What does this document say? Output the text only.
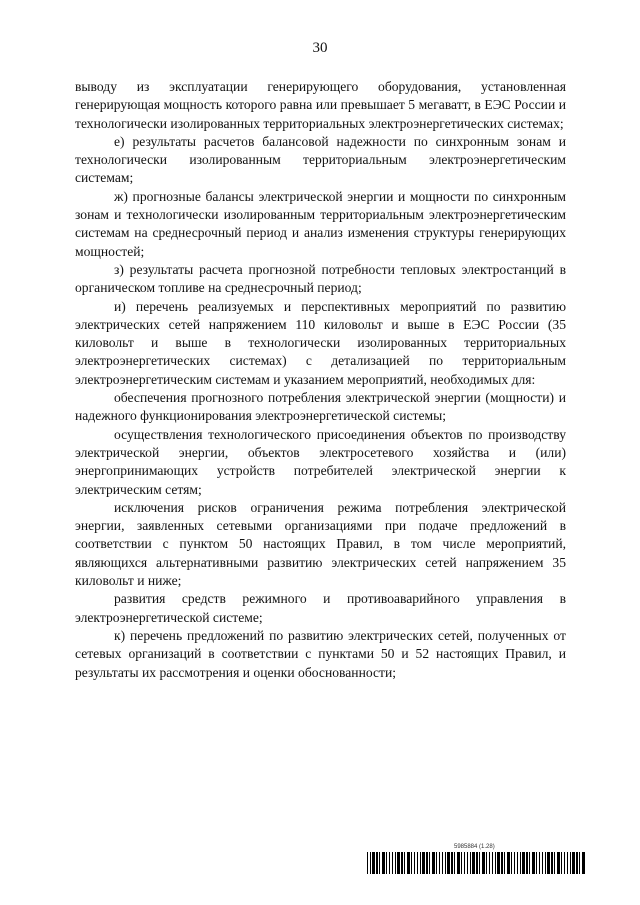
30

выводу из эксплуатации генерирующего оборудования, установленная генерирующая мощность которого равна или превышает 5 мегаватт, в ЕЭС России и технологически изолированных территориальных электроэнергетических системах;

е) результаты расчетов балансовой надежности по синхронным зонам и технологически изолированным территориальным электроэнергетическим системам;

ж) прогнозные балансы электрической энергии и мощности по синхронным зонам и технологически изолированным территориальным электроэнергетическим системам на среднесрочный период и анализ изменения структуры генерирующих мощностей;

з) результаты расчета прогнозной потребности тепловых электростанций в органическом топливе на среднесрочный период;

и) перечень реализуемых и перспективных мероприятий по развитию электрических сетей напряжением 110 киловольт и выше в ЕЭС России (35 киловольт и выше в технологически изолированных территориальных электроэнергетических системах) с детализацией по территориальным электроэнергетическим системам и указанием мероприятий, необходимых для:

обеспечения прогнозного потребления электрической энергии (мощности) и надежного функционирования электроэнергетической системы;

осуществления технологического присоединения объектов по производству электрической энергии, объектов электросетевого хозяйства и (или) энергопринимающих устройств потребителей электрической энергии к электрическим сетям;

исключения рисков ограничения режима потребления электрической энергии, заявленных сетевыми организациями при подаче предложений в соответствии с пунктом 50 настоящих Правил, в том числе мероприятий, являющихся альтернативными развитию электрических сетей напряжением 35 киловольт и ниже;

развития средств режимного и противоаварийного управления в электроэнергетической системе;

к) перечень предложений по развитию электрических сетей, полученных от сетевых организаций в соответствии с пунктами 50 и 52 настоящих Правил, и результаты их рассмотрения и оценки обоснованности;

5985884 (1.28)
